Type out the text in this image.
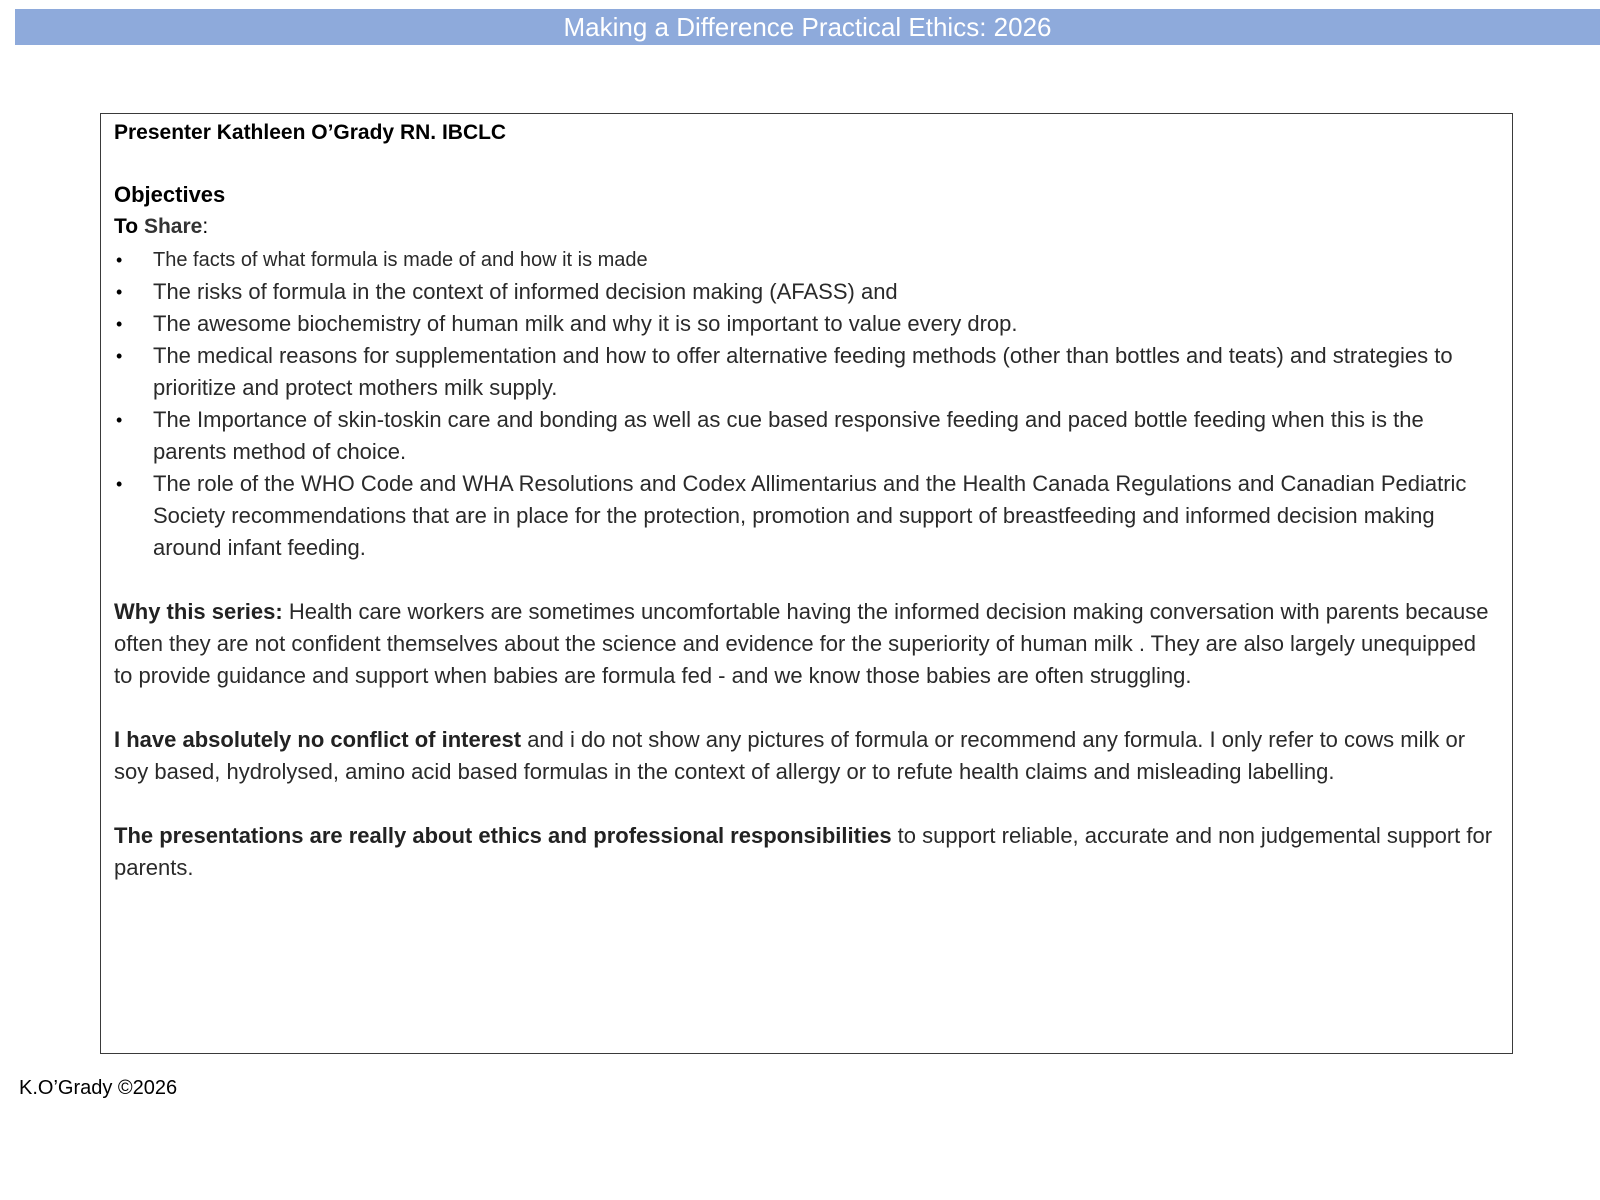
Making a Difference Practical Ethics: 2026

Presenter Kathleen O’Grady RN. IBCLC

Objectives

To Share:

• The facts of what formula is made of and how it is made
• The risks of formula in the context of informed decision making (AFASS) and
• The awesome biochemistry of human milk and why it is so important to value every drop.
• The medical reasons for supplementation and how to offer alternative feeding methods (other than bottles and teats) and strategies to prioritize and protect mothers milk supply.
• The Importance of skin-toskin care and bonding as well as cue based responsive feeding and paced bottle feeding when this is the parents method of choice.
• The role of the WHO Code and WHA Resolutions and Codex Allimentarius and the Health Canada Regulations and Canadian Pediatric Society recommendations that are in place for the protection, promotion and support of breastfeeding and informed decision making around infant feeding.

Why this series: Health care workers are sometimes uncomfortable having the informed decision making conversation with parents because often they are not confident themselves about the science and evidence for the superiority of human milk . They are also largely unequipped to provide guidance and support when babies are formula fed - and we know those babies are often struggling.

I have absolutely no conflict of interest and i do not show any pictures of formula or recommend any formula. I only refer to cows milk or soy based, hydrolysed, amino acid based formulas in the context of allergy or to refute health claims and misleading labelling.

The presentations are really about ethics and professional responsibilities to support reliable, accurate and non judgemental support for parents.

K.O’Grady ©2026
